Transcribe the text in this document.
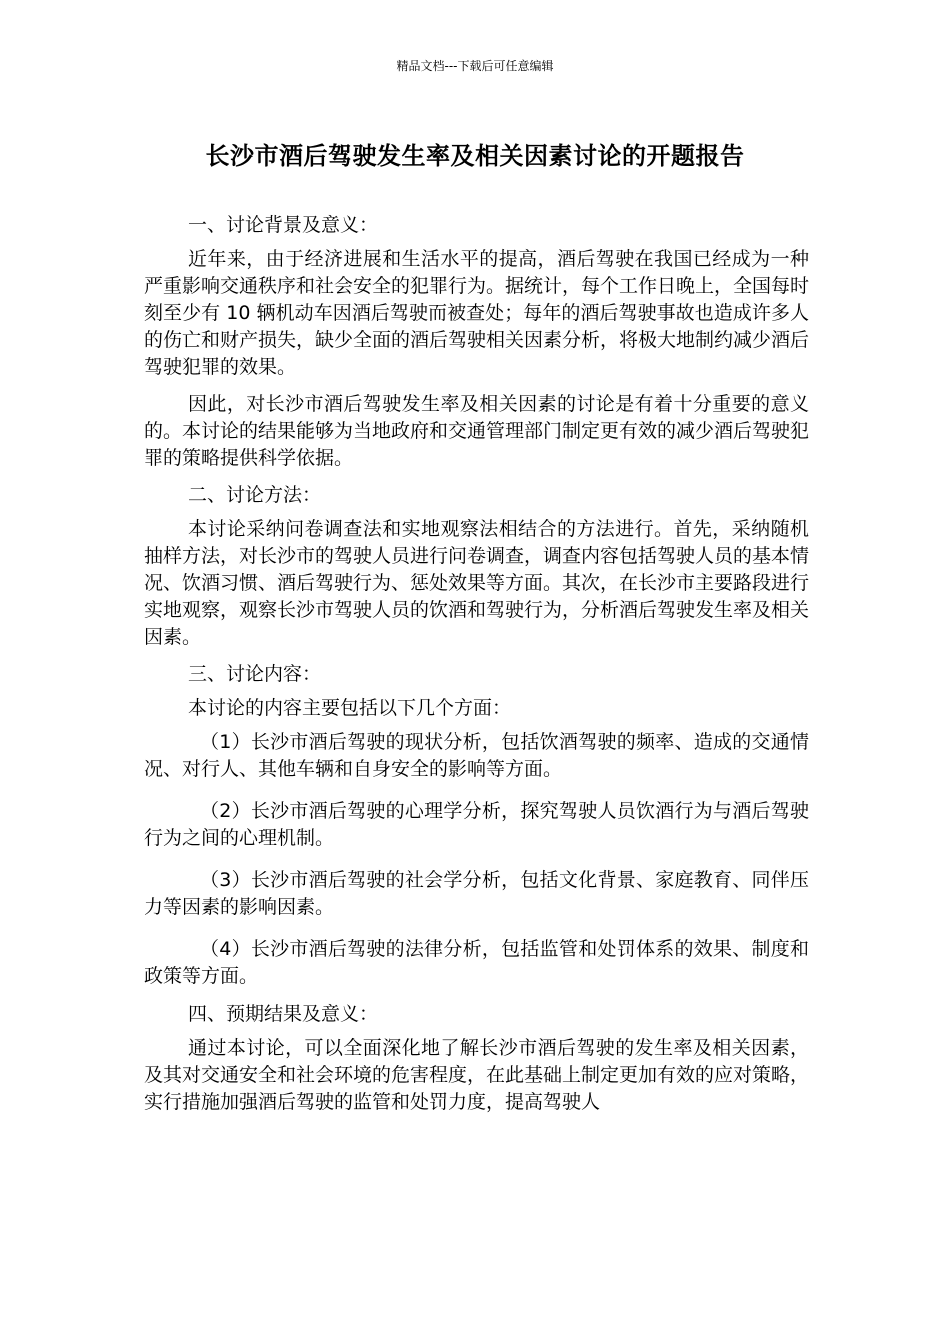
精品文档---下载后可任意编辑
长沙市酒后驾驶发生率及相关因素讨论的开题报告

一、讨论背景及意义：

近年来，由于经济进展和生活水平的提高，酒后驾驶在我国已经成为一种严重影响交通秩序和社会安全的犯罪行为。据统计，每个工作日晚上，全国每时刻至少有 10 辆机动车因酒后驾驶而被查处；每年的酒后驾驶事故也造成许多人的伤亡和财产损失，缺少全面的酒后驾驶相关因素分析，将极大地制约减少酒后驾驶犯罪的效果。

因此，对长沙市酒后驾驶发生率及相关因素的讨论是有着十分重要的意义的。本讨论的结果能够为当地政府和交通管理部门制定更有效的减少酒后驾驶犯罪的策略提供科学依据。

二、讨论方法：

本讨论采纳问卷调查法和实地观察法相结合的方法进行。首先，采纳随机抽样方法，对长沙市的驾驶人员进行问卷调查，调查内容包括驾驶人员的基本情况、饮酒习惯、酒后驾驶行为、惩处效果等方面。其次，在长沙市主要路段进行实地观察，观察长沙市驾驶人员的饮酒和驾驶行为，分析酒后驾驶发生率及相关因素。

三、讨论内容：

本讨论的内容主要包括以下几个方面：

（1）长沙市酒后驾驶的现状分析，包括饮酒驾驶的频率、造成的交通情况、对行人、其他车辆和自身安全的影响等方面。

（2）长沙市酒后驾驶的心理学分析，探究驾驶人员饮酒行为与酒后驾驶行为之间的心理机制。

（3）长沙市酒后驾驶的社会学分析，包括文化背景、家庭教育、同伴压力等因素的影响因素。

（4）长沙市酒后驾驶的法律分析，包括监管和处罚体系的效果、制度和政策等方面。

四、预期结果及意义：

通过本讨论，可以全面深化地了解长沙市酒后驾驶的发生率及相关因素，及其对交通安全和社会环境的危害程度，在此基础上制定更加有效的应对策略，实行措施加强酒后驾驶的监管和处罚力度，提高驾驶人
